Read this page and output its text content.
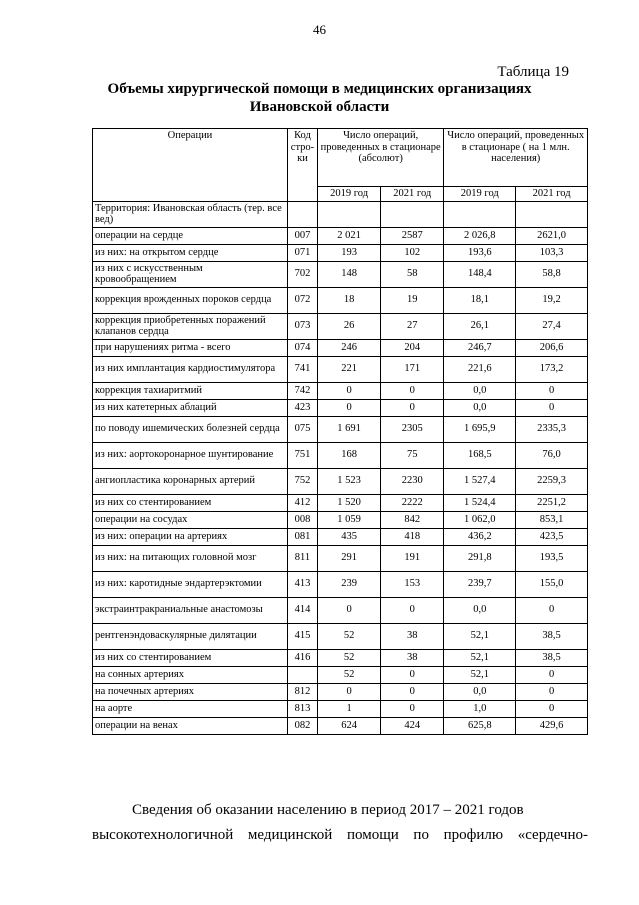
46
Таблица 19
Объемы хирургической помощи в медицинских организациях Ивановской области
Операции	Код стро-ки	Число операций, проведенных в стационаре (абсолют)		Число операций, проведенных в стационаре ( на 1 млн. населения)	
		2019 год	2021 год	2019 год	2021 год
Территория: Ивановская область (тер. все вед)					
операции на сердце	007	2 021	2587	2 026,8	2621,0
из них: на открытом сердце	071	193	102	193,6	103,3
из них с искусственным кровообращением	702	148	58	148,4	58,8
коррекция врожденных пороков сердца	072	18	19	18,1	19,2
коррекция приобретенных поражений клапанов сердца	073	26	27	26,1	27,4
при нарушениях ритма - всего	074	246	204	246,7	206,6
из них имплантация кардиостимулятора	741	221	171	221,6	173,2
коррекция тахиаритмий	742	0	0	0,0	0
из них катетерных аблаций	423	0	0	0,0	0
по поводу ишемических болезней сердца	075	1 691	2305	1 695,9	2335,3
из них: аортокоронарное шунтирование	751	168	75	168,5	76,0
ангиопластика коронарных артерий	752	1 523	2230	1 527,4	2259,3
из них со стентированием	412	1 520	2222	1 524,4	2251,2
операции на сосудах	008	1 059	842	1 062,0	853,1
из них: операции на артериях	081	435	418	436,2	423,5
из них: на питающих головной мозг	811	291	191	291,8	193,5
из них: каротидные эндартерэктомии	413	239	153	239,7	155,0
экстраинтракраниальные анастомозы	414	0	0	0,0	0
рентгенэндоваскулярные дилятации	415	52	38	52,1	38,5
из них со стентированием	416	52	38	52,1	38,5
на сонных артериях		52	0	52,1	0
на почечных артериях	812	0	0	0,0	0
на аорте	813	1	0	1,0	0
операции на венах	082	624	424	625,8	429,6
Сведения об оказании населению в период 2017 – 2021 годов

высокотехнологичной медицинской помощи по профилю «сердечно-
